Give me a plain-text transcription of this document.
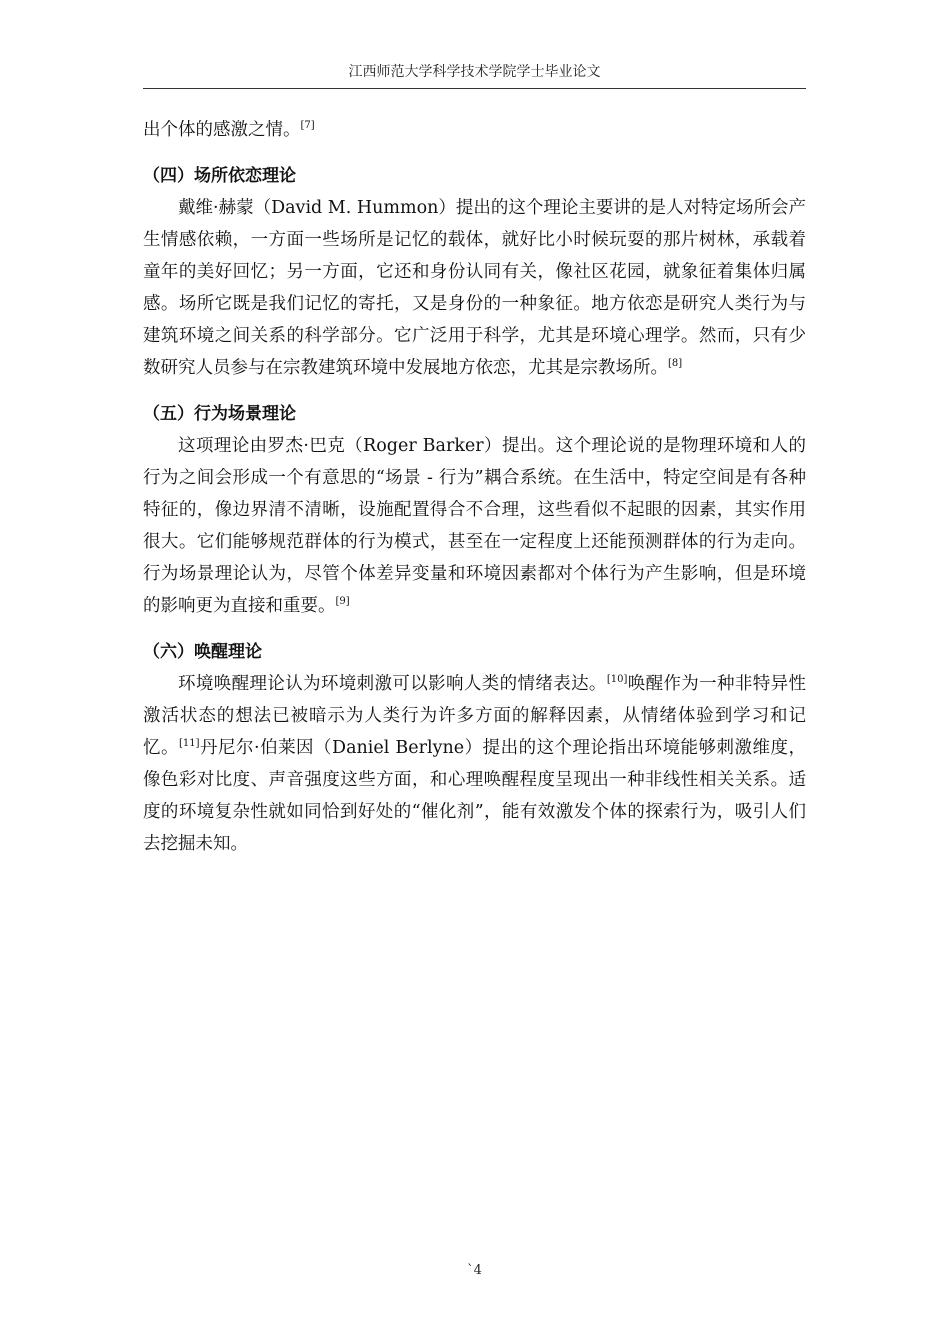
江西师范大学科学技术学院学士毕业论文

出个体的感激之情。[7]

（四）场所依恋理论

戴维·赫蒙（David M. Hummon）提出的这个理论主要讲的是人对特定场所会产生情感依赖，一方面一些场所是记忆的载体，就好比小时候玩耍的那片树林，承载着童年的美好回忆；另一方面，它还和身份认同有关，像社区花园，就象征着集体归属感。场所它既是我们记忆的寄托，又是身份的一种象征。地方依恋是研究人类行为与建筑环境之间关系的科学部分。它广泛用于科学，尤其是环境心理学。然而，只有少数研究人员参与在宗教建筑环境中发展地方依恋，尤其是宗教场所。[8]

（五）行为场景理论

这项理论由罗杰·巴克（Roger Barker）提出。这个理论说的是物理环境和人的行为之间会形成一个有意思的“场景 - 行为”耦合系统。在生活中，特定空间是有各种特征的，像边界清不清晰，设施配置得合不合理，这些看似不起眼的因素，其实作用很大。它们能够规范群体的行为模式，甚至在一定程度上还能预测群体的行为走向。行为场景理论认为，尽管个体差异变量和环境因素都对个体行为产生影响，但是环境的影响更为直接和重要。[9]

（六）唤醒理论

环境唤醒理论认为环境刺激可以影响人类的情绪表达。[10]唤醒作为一种非特异性激活状态的想法已被暗示为人类行为许多方面的解释因素，从情绪体验到学习和记忆。[11]丹尼尔·伯莱因（Daniel Berlyne）提出的这个理论指出环境能够刺激维度，像色彩对比度、声音强度这些方面，和心理唤醒程度呈现出一种非线性相关关系。适度的环境复杂性就如同恰到好处的“催化剂”，能有效激发个体的探索行为，吸引人们去挖掘未知。

`4
